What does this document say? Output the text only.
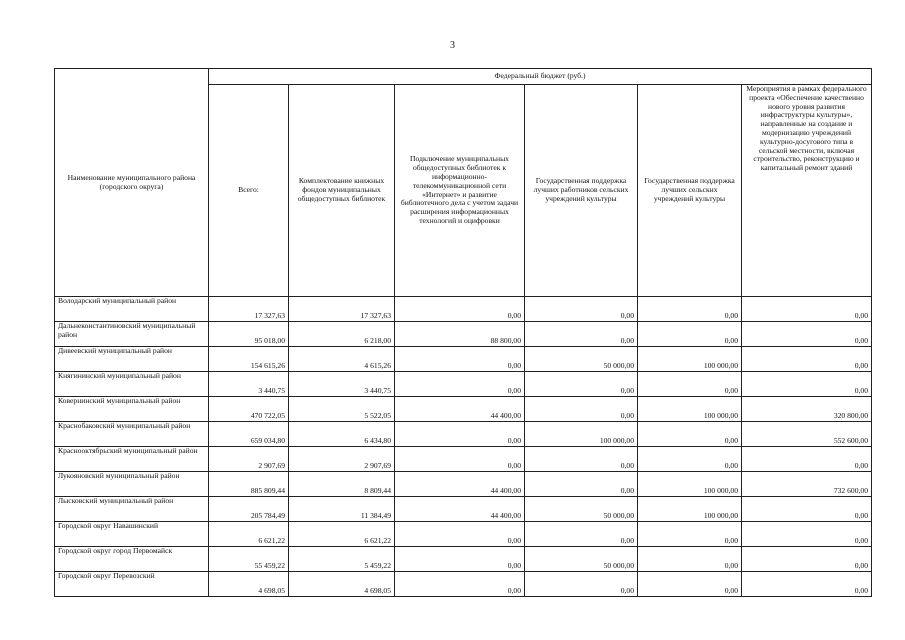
3
Наименование муниципального района (городского округа)	Федеральный бюджет (руб.)					
	Всего:	Комплектование книжных фондов муниципальных общедоступных библиотек	Подключение муниципальных общедоступных библиотек к информационно-телекоммуникационной сети «Интернет» и развитие библиотечного дела с учетом задачи расширения информационных технологий и оцифровки	Государственная поддержка лучших работников сельских учреждений культуры	Государственная поддержка лучших сельских учреждений культуры	Мероприятия в рамках федерального проекта «Обеспечение качественно нового уровня развития инфраструктуры культуры», направленные на создание и модернизацию учреждений культурно-досугового типа в сельской местности, включая строительство, реконструкцию и капитальный ремонт зданий
Володарский муниципальный район	17 327,63	17 327,63	0,00	0,00	0,00	0,00
Дальнеконстантиновский муниципальный район	95 018,00	6 218,00	88 800,00	0,00	0,00	0,00
Дивеевский муниципальный район	154 615,26	4 615,26	0,00	50 000,00	100 000,00	0,00
Княгининский муниципальный район	3 440,75	3 440,75	0,00	0,00	0,00	0,00
Ковернинский муниципальный район	470 722,05	5 522,05	44 400,00	0,00	100 000,00	320 800,00
Краснобаковский муниципальный район	659 034,80	6 434,80	0,00	100 000,00	0,00	552 600,00
Краснооктябрьский муниципальный район	2 907,69	2 907,69	0,00	0,00	0,00	0,00
Лукояновский муниципальный район	885 809,44	8 809,44	44 400,00	0,00	100 000,00	732 600,00
Лысковский муниципальный район	205 784,49	11 384,49	44 400,00	50 000,00	100 000,00	0,00
Городской округ Навашинский	6 621,22	6 621,22	0,00	0,00	0,00	0,00
Городской округ город Первомайск	55 459,22	5 459,22	0,00	50 000,00	0,00	0,00
Городской округ Перевозский	4 698,05	4 698,05	0,00	0,00	0,00	0,00
